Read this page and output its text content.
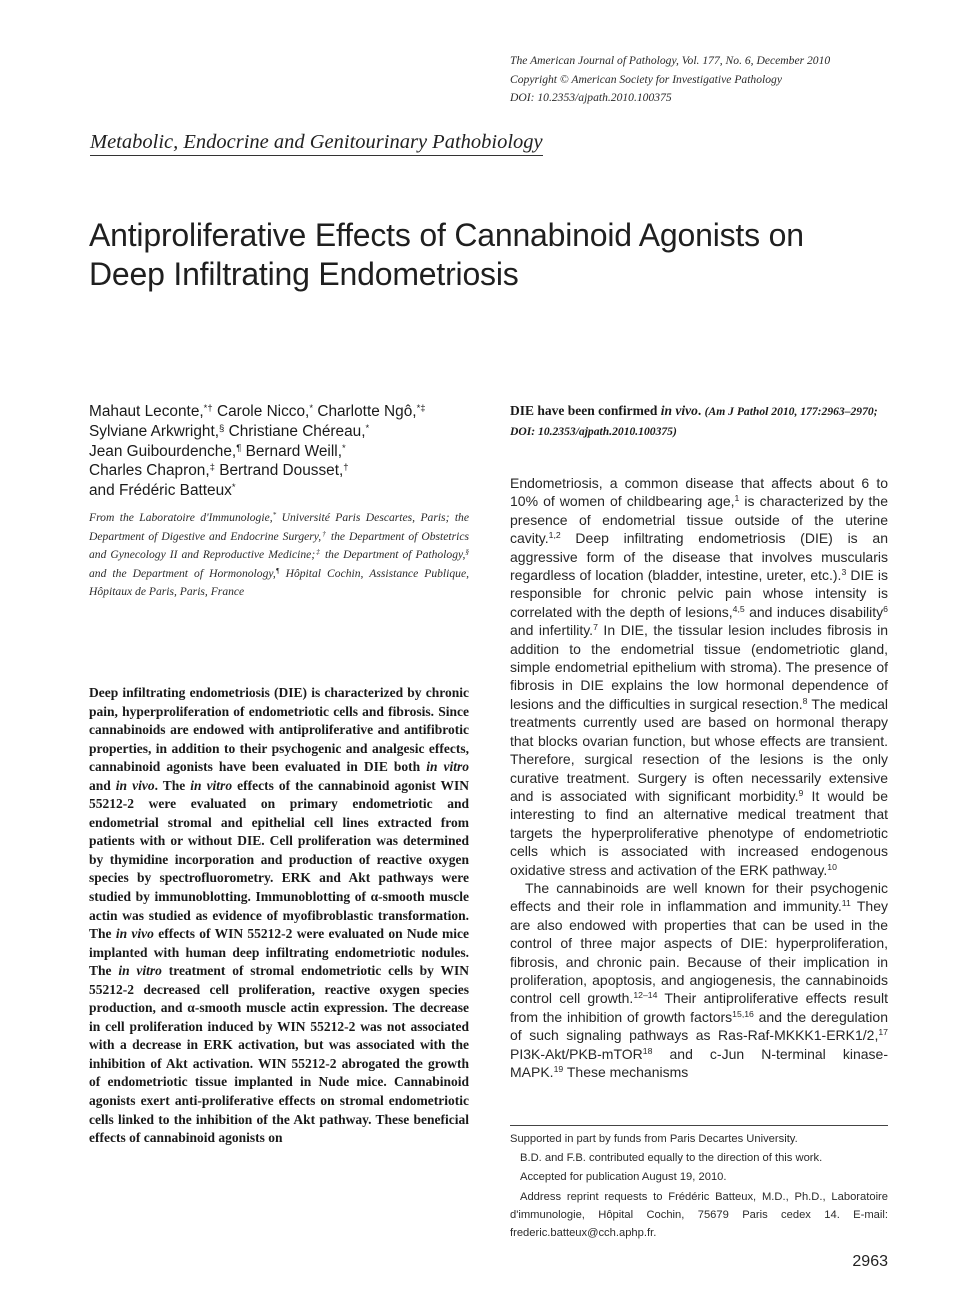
The American Journal of Pathology, Vol. 177, No. 6, December 2010
Copyright © American Society for Investigative Pathology
DOI: 10.2353/ajpath.2010.100375
Metabolic, Endocrine and Genitourinary Pathobiology
Antiproliferative Effects of Cannabinoid Agonists on
Deep Infiltrating Endometriosis
Mahaut Leconte,*† Carole Nicco,* Charlotte Ngô,*‡
Sylviane Arkwright,§ Christiane Chéreau,*
Jean Guibourdenche,¶ Bernard Weill,*
Charles Chapron,‡ Bertrand Dousset,†
and Frédéric Batteux*
From the Laboratoire d'Immunologie,* Université Paris Descartes, Paris; the Department of Digestive and Endocrine Surgery,† the Department of Obstetrics and Gynecology II and Reproductive Medicine;‡ the Department of Pathology,§ and the Department of Hormonology,¶ Hôpital Cochin, Assistance Publique, Hôpitaux de Paris, Paris, France
Deep infiltrating endometriosis (DIE) is characterized by chronic pain, hyperproliferation of endometriotic cells and fibrosis. Since cannabinoids are endowed with antiproliferative and antifibrotic properties, in addition to their psychogenic and analgesic effects, cannabinoid agonists have been evaluated in DIE both in vitro and in vivo. The in vitro effects of the cannabinoid agonist WIN 55212-2 were evaluated on primary endometriotic and endometrial stromal and epithelial cell lines extracted from patients with or without DIE. Cell proliferation was determined by thymidine incorporation and production of reactive oxygen species by spectrofluorometry. ERK and Akt pathways were studied by immunoblotting. Immunoblotting of α-smooth muscle actin was studied as evidence of myofibroblastic transformation. The in vivo effects of WIN 55212-2 were evaluated on Nude mice implanted with human deep infiltrating endometriotic nodules. The in vitro treatment of stromal endometriotic cells by WIN 55212-2 decreased cell proliferation, reactive oxygen species production, and α-smooth muscle actin expression. The decrease in cell proliferation induced by WIN 55212-2 was not associated with a decrease in ERK activation, but was associated with the inhibition of Akt activation. WIN 55212-2 abrogated the growth of endometriotic tissue implanted in Nude mice. Cannabinoid agonists exert anti-proliferative effects on stromal endometriotic cells linked to the inhibition of the Akt pathway. These beneficial effects of cannabinoid agonists on
DIE have been confirmed in vivo. (Am J Pathol 2010, 177:2963–2970; DOI: 10.2353/ajpath.2010.100375)

Endometriosis, a common disease that affects about 6 to 10% of women of childbearing age,$^1$ is characterized by the presence of endometrial tissue outside of the uterine cavity.$^{1,2}$ Deep infiltrating endometriosis (DIE) is an aggressive form of the disease that involves muscularis regardless of location (bladder, intestine, ureter, etc.).$^3$ DIE is responsible for chronic pelvic pain whose intensity is correlated with the depth of lesions,$^{4,5}$ and induces disability$^6$ and infertility.$^7$ In DIE, the tissular lesion includes fibrosis in addition to the endometrial tissue (endometriotic gland, simple endometrial epithelium with stroma). The presence of fibrosis in DIE explains the low hormonal dependence of lesions and the difficulties in surgical resection.$^8$ The medical treatments currently used are based on hormonal therapy that blocks ovarian function, but whose effects are transient. Therefore, surgical resection of the lesions is the only curative treatment. Surgery is often necessarily extensive and is associated with significant morbidity.$^9$ It would be interesting to find an alternative medical treatment that targets the hyperproliferative phenotype of endometriotic cells which is associated with increased endogenous oxidative stress and activation of the ERK pathway.$^{10}$

The cannabinoids are well known for their psychogenic effects and their role in inflammation and immunity.$^{11}$ They are also endowed with properties that can be used in the control of three major aspects of DIE: hyperproliferation, fibrosis, and chronic pain. Because of their implication in proliferation, apoptosis, and angiogenesis, the cannabinoids control cell growth.$^{12-14}$ Their antiproliferative effects result from the inhibition of growth factors$^{15,16}$ and the deregulation of such signaling pathways as Ras-Raf-MKKK1-ERK1/2,17 PI3K-Akt/PKB-mTOR$^{18}$ and c-Jun N-terminal kinase-MAPK.$^{19}$ These mechanisms

Supported in part by funds from Paris Decartes University.

B.D. and F.B. contributed equally to the direction of this work.

Accepted for publication August 19, 2010.

Address reprint requests to Frédéric Batteux, M.D., Ph.D., Laboratoire d'immunologie, Hôpital Cochin, 75679 Paris cedex 14. E-mail: frederic.batteux@cch.aphp.fr.

2963
